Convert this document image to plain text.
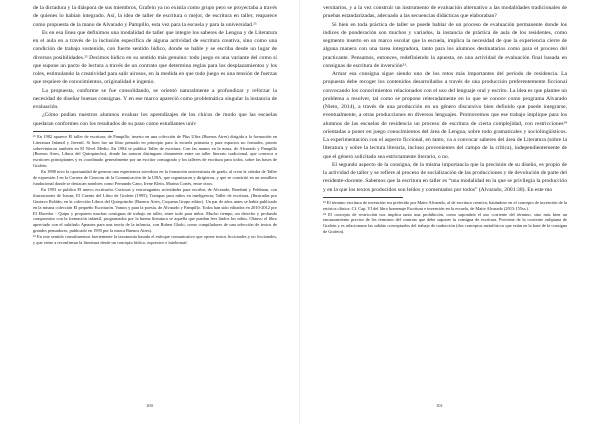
de la dictadura y la diáspora de sus miembros, Grafein ya no existía como grupo pero se proyectaba a través de quienes lo habían integrado. Así, la idea de taller de escritura o mejor, de escritura en taller, reaparece como propuesta de la mano de Alvarado y Pampillo, esta vez para la escuela y para la universidad.²¹

Es en esa línea que definimos una modalidad de taller que integre los saberes de Lengua y de Literatura en el aula en a través de la inclusión específica de alguna actividad de escritura creativa, sino como una condición de trabajo sostenido, con fuerte sentido lúdico, donde se hable y se escriba desde un lugar de diversos posibilidades.²² Decimos lúdico en su sentido más genuino: todo juego es una variante del como sí que supone un pacto de lectura a través de un contrato que determina reglas para los desplazamientos y los roles, estimulando la creatividad para salir airosos, en la medida en que todo juego es una tensión de fuerzas que requiere de conocimientos, originalidad e ingenio.

La propuesta, conforme se fue consolidando, se orientó naturalmente a profundizar y reforzar la necesidad de diseñar buenas consignas. Y en ese marco apareció como problemática singular la instancia de evaluación.

¿Cómo podían nuestros alumnos evaluar los aprendizajes de los chicos de modo que las escuelas quedaran conformes con los resultados de su paso como estudiantes univ

²¹ En 1982 aparece El taller de escritura, de Pampillo, inserto en una colección de Plus Ultra (Buenos Aires) dirigida a la formación en Literatura Infantil y Juvenil. Si bien fue un libro pensado en principio para la escuela primaria y para espacios no formales, pronto sobrevinieron también en El Nivel Medio. En 1984 se publica Taller de escritura. Con las manos en la masa, de Alvarado y Pampillo (Buenos Aires, Libros del Quirquincho), donde las autoras distinguen claramente entre un taller literario tradicional, que convoca a escritores principiantes y es coordinado generalmente por un escritor consagrado y los talleres de escritura para todos, sobre las bases de Grafein.

En 1988 tuvo la oportunidad de generar una experiencia novedosa en la formación universitaria de grado, al crear la cátedra de Taller de expresión I en la Carrera de Ciencias de la Comunicación de la UBA, que organizaron y dirigieron, y que se convirtió en un semillero fundacional donde se destacan nombres como Fernando Cano, Irene Klein, Marina Cortés, entre otros.

En 1993 se publica El nuevo escriturón. Curiosas y extravagantes actividades para escribir, de Alvarado, Bombini y Feldman, con ilustraciones de Istvan; El Cuento del Libro de Grafein (1995); Trampas para niños en inteligencia; Taller de escritura, (Ilustradas por Gustavo Roldán, en la colección Libros del Quirquincho (Buenos Aires, Coquena Grupo editor). Un par de años antes se había publicado en la misma colección El pequeño Escriturón. Vamos y para la poesía, de Alvarado y Pampillo. Todos han sido editados en 2010-2012 por El Hacedor - Quipu y proponen muchas consignas de trabajo en taller, entre todo para niños. Mucho tiempo, un derecho y profundo compromiso con la formación infantil, programados por la buena literatura se aquella que puedan leer lindos los niños. Obtuvo el libro apreciado con el subtítulo Apuntes para una teoría de la infancia, con Ruben Glodo, como compiladores de una selección de textos de grandes pensadores, publicado en 1995 por la marca Buenos Aires).

²² En este sentido consultaremos fuertemente la taxonomía basada el enfoque comunicativo que opone textos ficcionales y no ficcionales, y que viene a reconfirmar la literatura desde un concepto lúdico, expresivo e intelectual.

100

versitarios, y a la vez construir un instrumento de evaluación alternativo a las modalidades tradicionales de pruebas estandarizadas, adecuado a las secuencias didácticas que elaboraban?

Si bien en toda práctica de taller se puede hablar de un proceso de evaluación permanente donde los índices de ponderación son muchos y variados, la instancia de práctica de aula de los residentes, como segmento inserto en un marco escolar que la escuela, implica la necesidad de que la experiencia cierre de alguna manera con una tarea integradora, tanto para los alumnos destinatarios como para el proceso del practicante. Pensamos, entonces, redefiniendo la apuesta, en una actividad de evaluación final basada en consignas de escritura de invención²³.

Armar esa consigna sigue siendo uno de los retos más importantes del período de residencia. La propuesta debe recoger los contenidos desarrollados a través de una producción preferentemente ficcional convocando los conocimientos relacionados con el uso del lenguaje oral y escrito. La idea es que plantee un problema a resolver, tal como se propone reiteradamente en lo que se conoce como programa Alvarado (Nieto, 2014), a través de una producción en un género discursivo bien definido que puede integrarse, eventualmente, a otras producciones en diversos lenguajes. Promovemos que ese trabajo implique para los alumnos de las escuelas de residencia un proceso de escritura de cierta complejidad, con restricciones²⁴ orientadas a poner en juego conocimientos del área de Lengua, sobre todo gramaticales y sociolingüísticos. La experimentación con el aspecto ficcional, en tanto, va a convocar saberes del área de Literatura (sobre la literatura y sobre la lectura literaria, incluso provenientes del campo de la crítica), independientemente de que el género solicitado sea estrictamente literario, o no.

El segundo aspecto de la consigna, de la misma importancia que la precisión de su diseño, es propio de la actividad de taller y se refiere al proceso de socialización de las producciones y de devolución de parte del residente-docente. Sabemos que la escritura en taller es “una modalidad en la que se privilegia la producción y en la que los textos producidos son leídos y comentados por todos” (Alvarado, 2001:38). En este mo

²³ El término escritura de invención era preferido por Maite Alvarado, al de escritura creativa, basándose en el concepto de invención de la retórica clásica. Cf. Cap. VI del libro homenaje Escritura e invención en la escuela, de Maite Alvarado (2013:155ss.).

²⁴ El concepto de restricción nos implica tanto una prohibición, como supondría el uso corriente del término, sino más bien un encauzamiento preciso de los términos del contrato que debe suponer la consigna de escritura. Proviene de la corriente oulipiana de Grafein y es relacionarse las salidas conceptuales del trabajo de traducción (dos conceptos metafóricos que están en la base de la consigna de Grafein).

101
